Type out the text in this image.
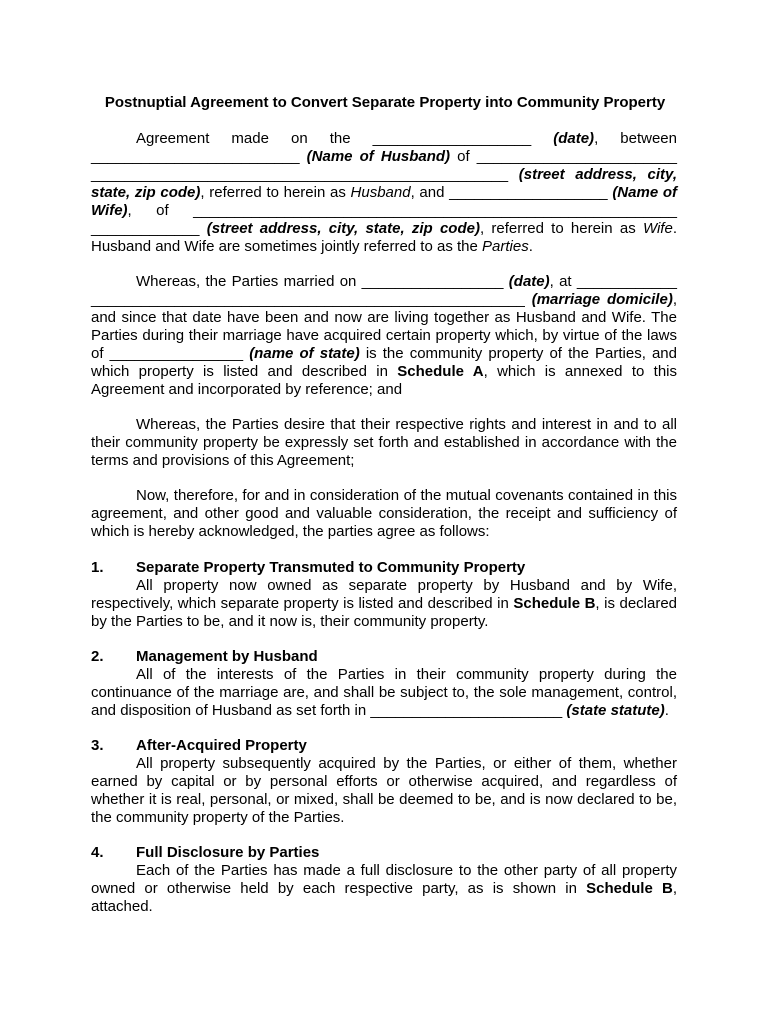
Postnuptial Agreement to Convert Separate Property into Community Property
Agreement made on the ___________________ (date), between _________________________ (Name of Husband) of ________________________ __________________________________________________ (street address, city, state, zip code), referred to herein as Husband, and ___________________ (Name of Wife), of __________________________________________________________ _____________ (street address, city, state, zip code), referred to herein as Wife. Husband and Wife are sometimes jointly referred to as the Parties.
Whereas, the Parties married on _________________ (date), at ____________ ____________________________________________________ (marriage domicile), and since that date have been and now are living together as Husband and Wife. The Parties during their marriage have acquired certain property which, by virtue of the laws of ________________ (name of state) is the community property of the Parties, and which property is listed and described in Schedule A, which is annexed to this Agreement and incorporated by reference; and
Whereas, the Parties desire that their respective rights and interest in and to all their community property be expressly set forth and established in accordance with the terms and provisions of this Agreement;
Now, therefore, for and in consideration of the mutual covenants contained in this agreement, and other good and valuable consideration, the receipt and sufficiency of which is hereby acknowledged, the parties agree as follows:
1. Separate Property Transmuted to Community Property
All property now owned as separate property by Husband and by Wife, respectively, which separate property is listed and described in Schedule B, is declared by the Parties to be, and it now is, their community property.
2. Management by Husband
All of the interests of the Parties in their community property during the continuance of the marriage are, and shall be subject to, the sole management, control, and disposition of Husband as set forth in _______________________ (state statute).
3. After-Acquired Property
All property subsequently acquired by the Parties, or either of them, whether earned by capital or by personal efforts or otherwise acquired, and regardless of whether it is real, personal, or mixed, shall be deemed to be, and is now declared to be, the community property of the Parties.
4. Full Disclosure by Parties
Each of the Parties has made a full disclosure to the other party of all property owned or otherwise held by each respective party, as is shown in Schedule B, attached.
